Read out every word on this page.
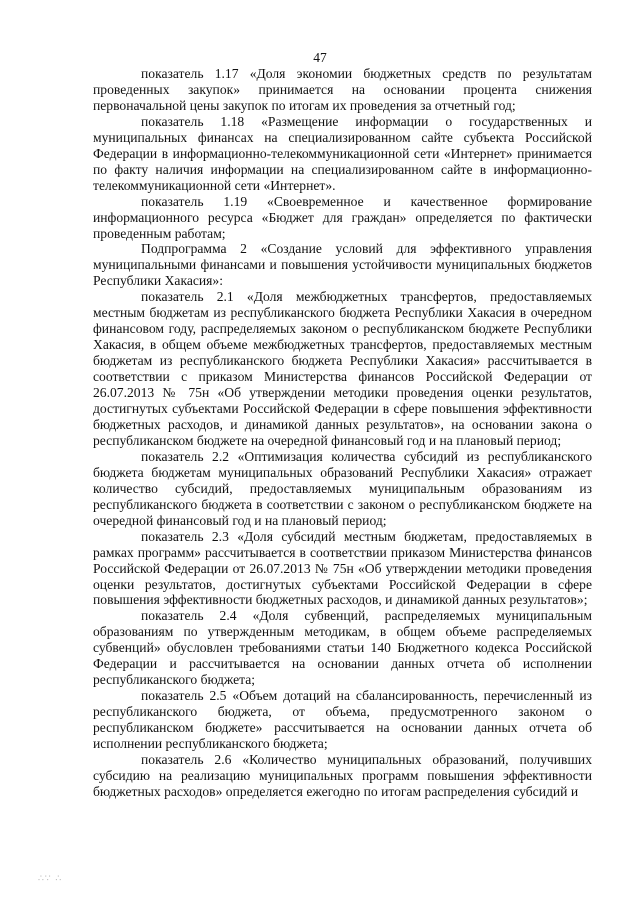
47

показатель 1.17 «Доля экономии бюджетных средств по результатам проведенных закупок» принимается на основании процента снижения первоначальной цены закупок по итогам их проведения за отчетный год;

показатель 1.18 «Размещение информации о государственных и муниципальных финансах на специализированном сайте субъекта Российской Федерации в информационно-телекоммуникационной сети «Интернет» принимается по факту наличия информации на специализированном сайте в информационно-телекоммуникационной сети «Интернет».

показатель 1.19 «Своевременное и качественное формирование информационного ресурса «Бюджет для граждан» определяется по фактически проведенным работам;

Подпрограмма 2 «Создание условий для эффективного управления муниципальными финансами и повышения устойчивости муниципальных бюджетов Республики Хакасия»:

показатель 2.1 «Доля межбюджетных трансфертов, предоставляемых местным бюджетам из республиканского бюджета Республики Хакасия в очередном финансовом году, распределяемых законом о республиканском бюджете Республики Хакасия, в общем объеме межбюджетных трансфертов, предоставляемых местным бюджетам из республиканского бюджета Республики Хакасия» рассчитывается в соответствии с приказом Министерства финансов Российской Федерации от 26.07.2013 № 75н «Об утверждении методики проведения оценки результатов, достигнутых субъектами Российской Федерации в сфере повышения эффективности бюджетных расходов, и динамикой данных результатов», на основании закона о республиканском бюджете на очередной финансовый год и на плановый период;

показатель 2.2 «Оптимизация количества субсидий из республиканского бюджета бюджетам муниципальных образований Республики Хакасия» отражает количество субсидий, предоставляемых муниципальным образованиям из республиканского бюджета в соответствии с законом о республиканском бюджете на очередной финансовый год и на плановый период;

показатель 2.3 «Доля субсидий местным бюджетам, предоставляемых в рамках программ» рассчитывается в соответствии приказом Министерства финансов Российской Федерации от 26.07.2013 № 75н «Об утверждении методики проведения оценки результатов, достигнутых субъектами Российской Федерации в сфере повышения эффективности бюджетных расходов, и динамикой данных результатов»;

показатель 2.4 «Доля субвенций, распределяемых муниципальным образованиям по утвержденным методикам, в общем объеме распределяемых субвенций» обусловлен требованиями статьи 140 Бюджетного кодекса Российской Федерации и рассчитывается на основании данных отчета об исполнении республиканского бюджета;

показатель 2.5 «Объем дотаций на сбалансированность, перечисленный из республиканского бюджета, от объема, предусмотренного законом о республиканском бюджете» рассчитывается на основании данных отчета об исполнении республиканского бюджета;

показатель 2.6 «Количество муниципальных образований, получивших субсидию на реализацию муниципальных программ повышения эффективности бюджетных расходов» определяется ежегодно по итогам распределения субсидий и

∴∵ ∴
